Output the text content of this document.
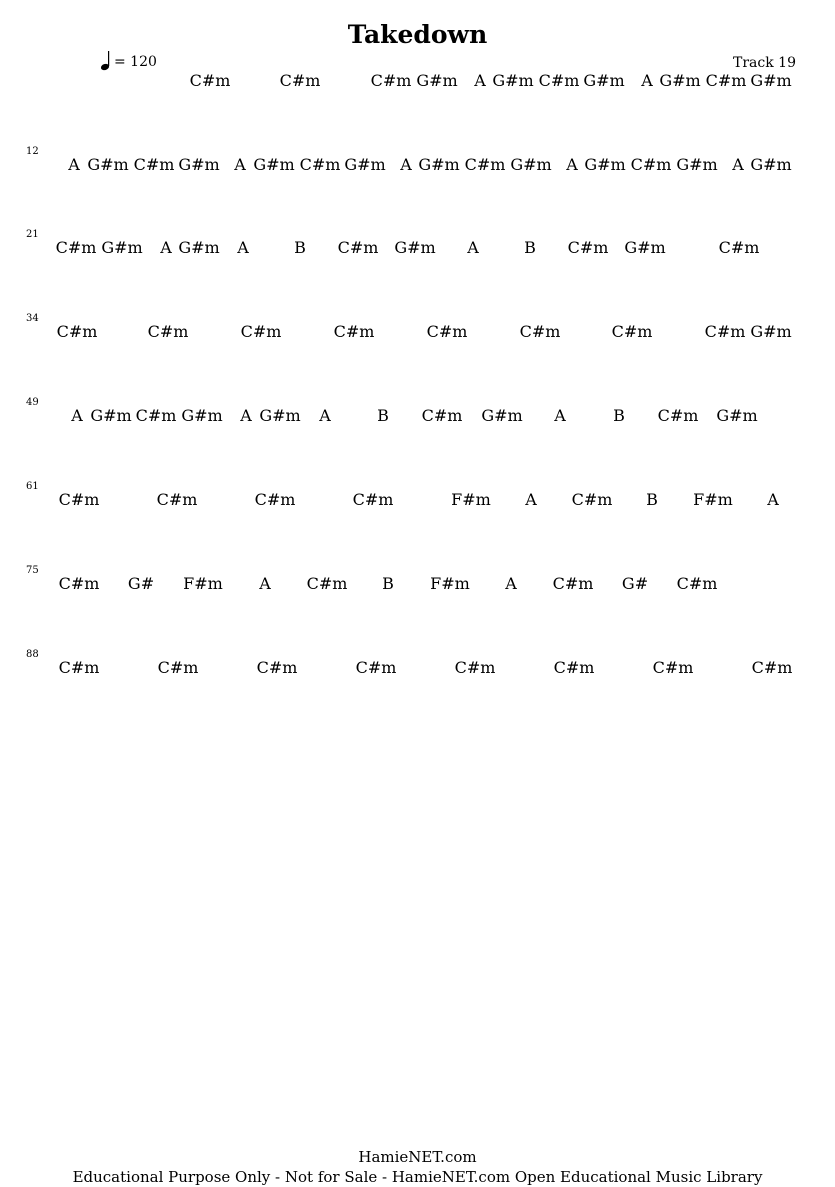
Takedown
= 120	Track 19
C#m	C#m	C#m G#m A G#m C#m G#m A G#m C#m G#m
12
A G#m C#m G#m A G#m C#m G#m A G#m C#m G#m A G#m C#m G#m A G#m
21
C#m G#m A G#m A	B C#m G#m A	B C#m G#m	C#m
34
C#m	C#m	C#m	C#m	C#m	C#m	C#m	C#m G#m
49
A G#m C#m G#m A G#m A	B C#m G#m A	B C#m G#m
61
C#m	C#m	C#m	C#m	F#m A C#m B F#m A
75
C#m G# F#m A C#m B F#m A C#m G# C#m
88
C#m	C#m	C#m	C#m	C#m	C#m	C#m	C#m
HamieNET.com
Educational Purpose Only - Not for Sale - HamieNET.com Open Educational Music Library
